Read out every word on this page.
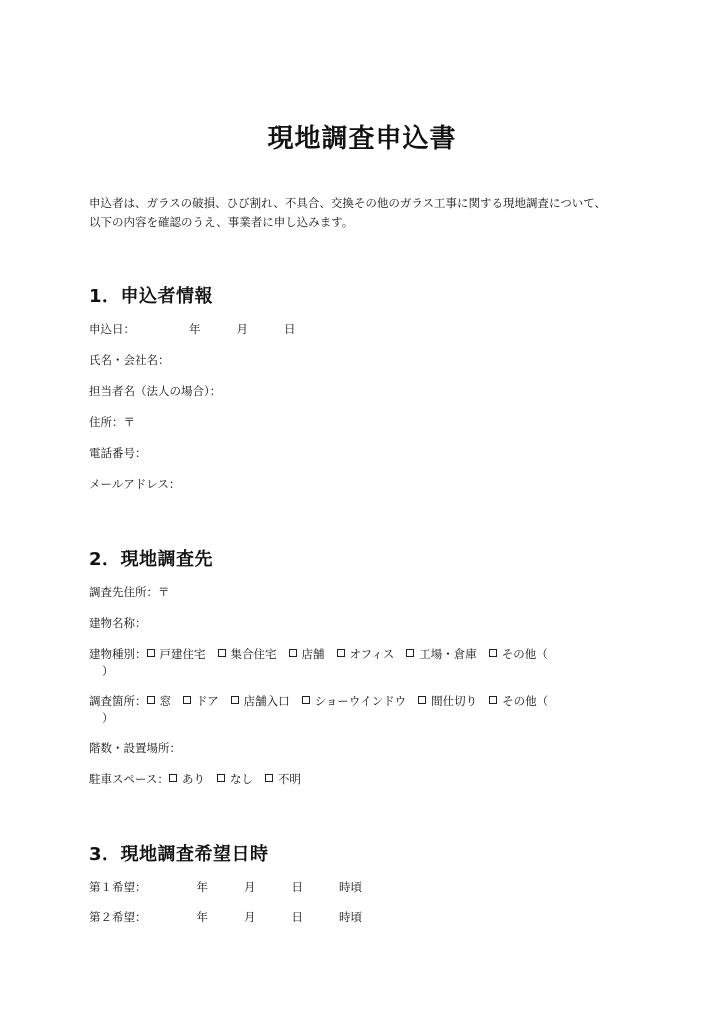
現地調査申込書
申込者は、ガラスの破損、ひび割れ、不具合、交換その他のガラス工事に関する現地調査について、
以下の内容を確認のうえ、事業者に申し込みます。
1．申込者情報
申込日：	年	月	日
氏名・会社名：
担当者名（法人の場合）：
住所：〒
電話番号：
メールアドレス：
2．現地調査先
調査先住所：〒
建物名称：
建物種別： 戸建住宅 集合住宅 店舗 オフィス 工場・倉庫 その他（
）
調査箇所： 窓 ドア 店舗入口 ショーウインドウ 間仕切り その他（
）
階数・設置場所：
駐車スペース： あり なし 不明
3．現地調査希望日時
第１希望：	年	月	日	時頃
第２希望：	年	月	日	時頃
